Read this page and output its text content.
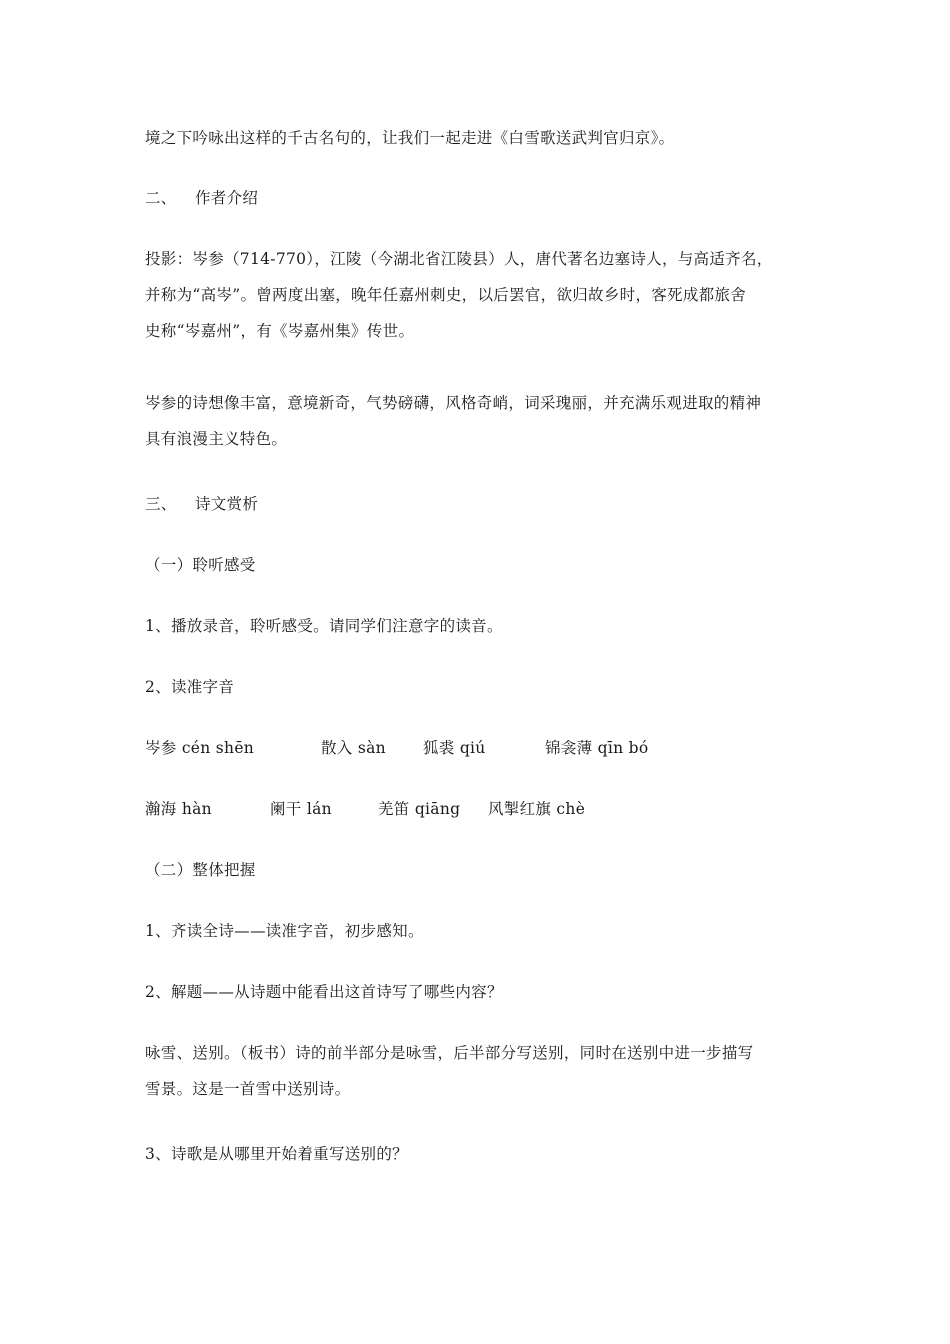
境之下吟咏出这样的千古名句的，让我们一起走进《白雪歌送武判官归京》。
二、 作者介绍
投影：岑参（714-770），江陵（今湖北省江陵县）人，唐代著名边塞诗人，与高适齐名，
并称为“高岑”。曾两度出塞，晚年任嘉州刺史，以后罢官，欲归故乡时，客死成都旅舍
史称“岑嘉州”，有《岑嘉州集》传世。
岑参的诗想像丰富，意境新奇，气势磅礴，风格奇峭，词采瑰丽，并充满乐观进取的精神
具有浪漫主义特色。
三、 诗文赏析
（一）聆听感受
1、播放录音，聆听感受。请同学们注意字的读音。
2、读准字音
岑参 cén shēn	散入 sàn 狐裘 qiú	锦衾薄 qīn bó
瀚海 hàn	阑干 lán	羌笛 qiāng 风掣红旗 chè
（二）整体把握
1、齐读全诗——读准字音，初步感知。
2、解题——从诗题中能看出这首诗写了哪些内容？
咏雪、送别。（板书）诗的前半部分是咏雪，后半部分写送别，同时在送别中进一步描写
雪景。这是一首雪中送别诗。
3、诗歌是从哪里开始着重写送别的？
